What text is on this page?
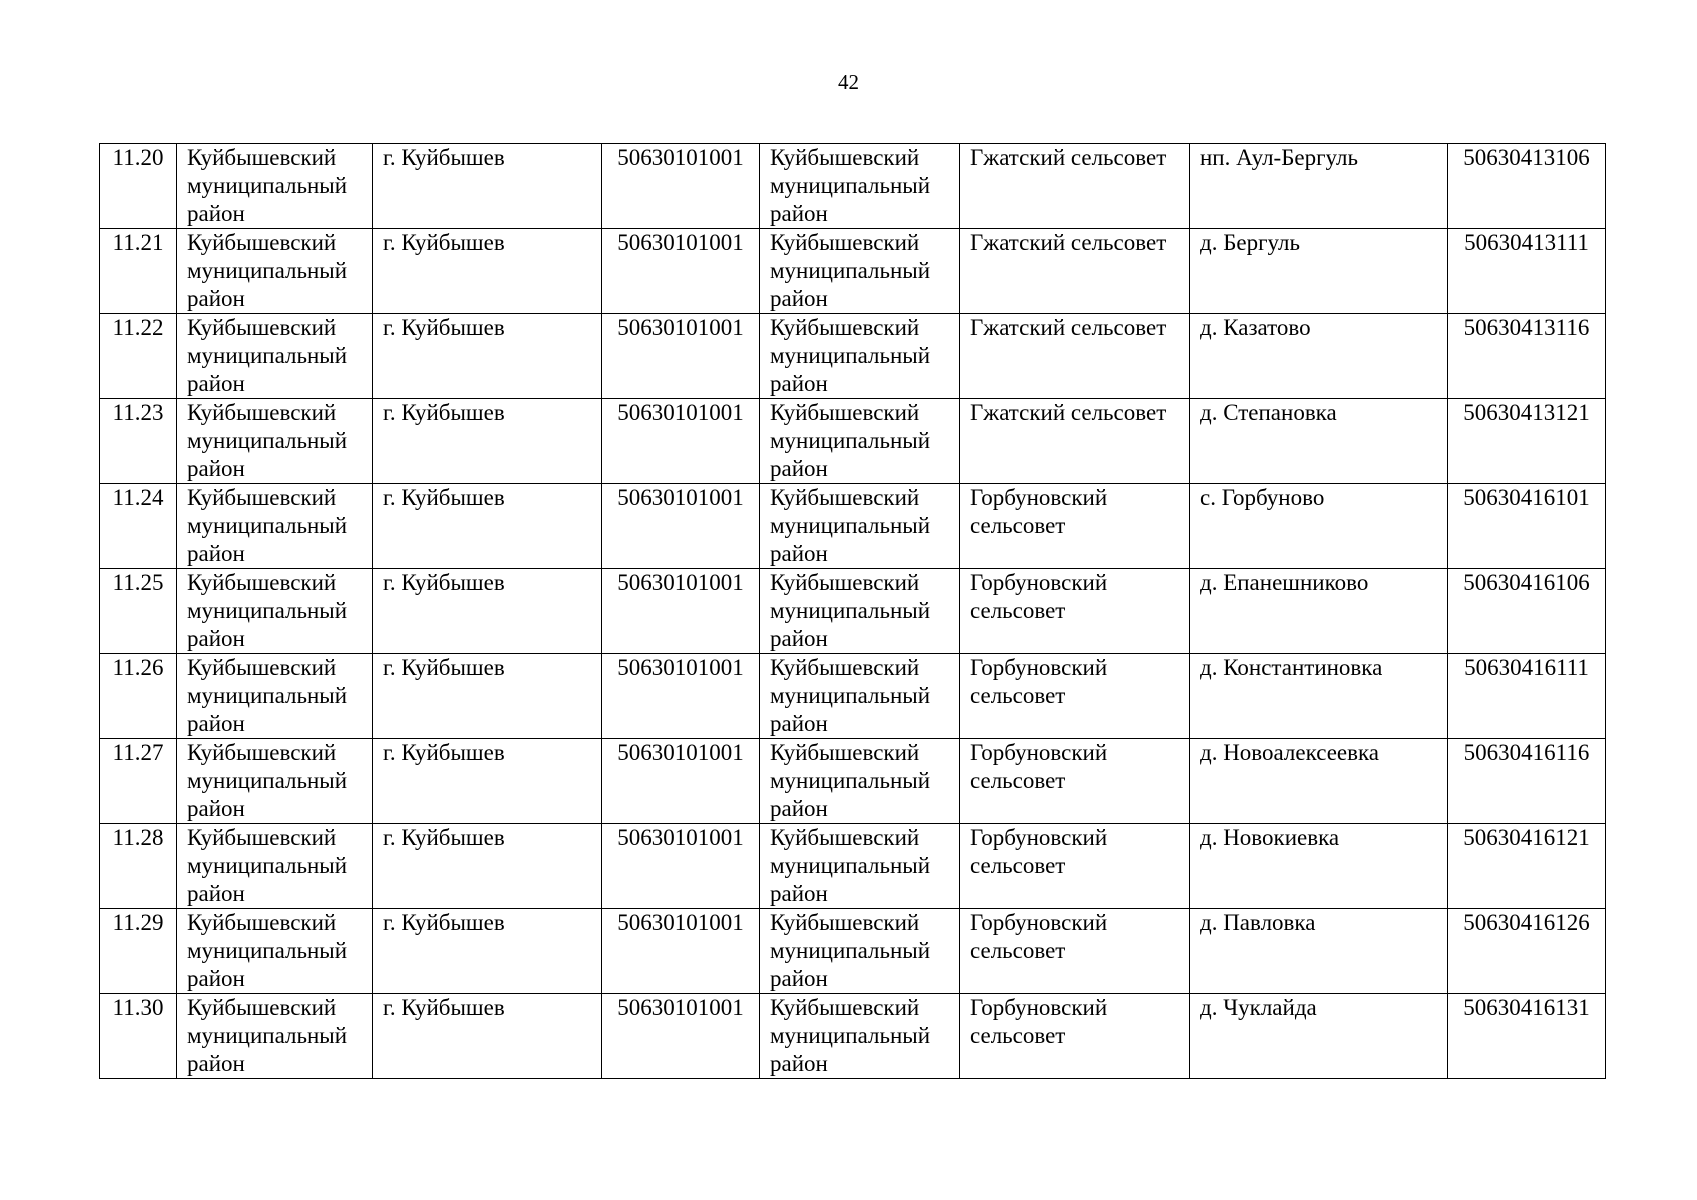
42
11.20	Куйбышевский муниципальный район	г. Куйбышев	50630101001	Куйбышевский муниципальный район	Гжатский сельсовет	нп. Аул-Бергуль	50630413106
11.21	Куйбышевский муниципальный район	г. Куйбышев	50630101001	Куйбышевский муниципальный район	Гжатский сельсовет	д. Бергуль	50630413111
11.22	Куйбышевский муниципальный район	г. Куйбышев	50630101001	Куйбышевский муниципальный район	Гжатский сельсовет	д. Казатово	50630413116
11.23	Куйбышевский муниципальный район	г. Куйбышев	50630101001	Куйбышевский муниципальный район	Гжатский сельсовет	д. Степановка	50630413121
11.24	Куйбышевский муниципальный район	г. Куйбышев	50630101001	Куйбышевский муниципальный район	Горбуновский сельсовет	с. Горбуново	50630416101
11.25	Куйбышевский муниципальный район	г. Куйбышев	50630101001	Куйбышевский муниципальный район	Горбуновский сельсовет	д. Епанешниково	50630416106
11.26	Куйбышевский муниципальный район	г. Куйбышев	50630101001	Куйбышевский муниципальный район	Горбуновский сельсовет	д. Константиновка	50630416111
11.27	Куйбышевский муниципальный район	г. Куйбышев	50630101001	Куйбышевский муниципальный район	Горбуновский сельсовет	д. Новоалексеевка	50630416116
11.28	Куйбышевский муниципальный район	г. Куйбышев	50630101001	Куйбышевский муниципальный район	Горбуновский сельсовет	д. Новокиевка	50630416121
11.29	Куйбышевский муниципальный район	г. Куйбышев	50630101001	Куйбышевский муниципальный район	Горбуновский сельсовет	д. Павловка	50630416126
11.30	Куйбышевский муниципальный район	г. Куйбышев	50630101001	Куйбышевский муниципальный район	Горбуновский сельсовет	д. Чуклайда	50630416131
